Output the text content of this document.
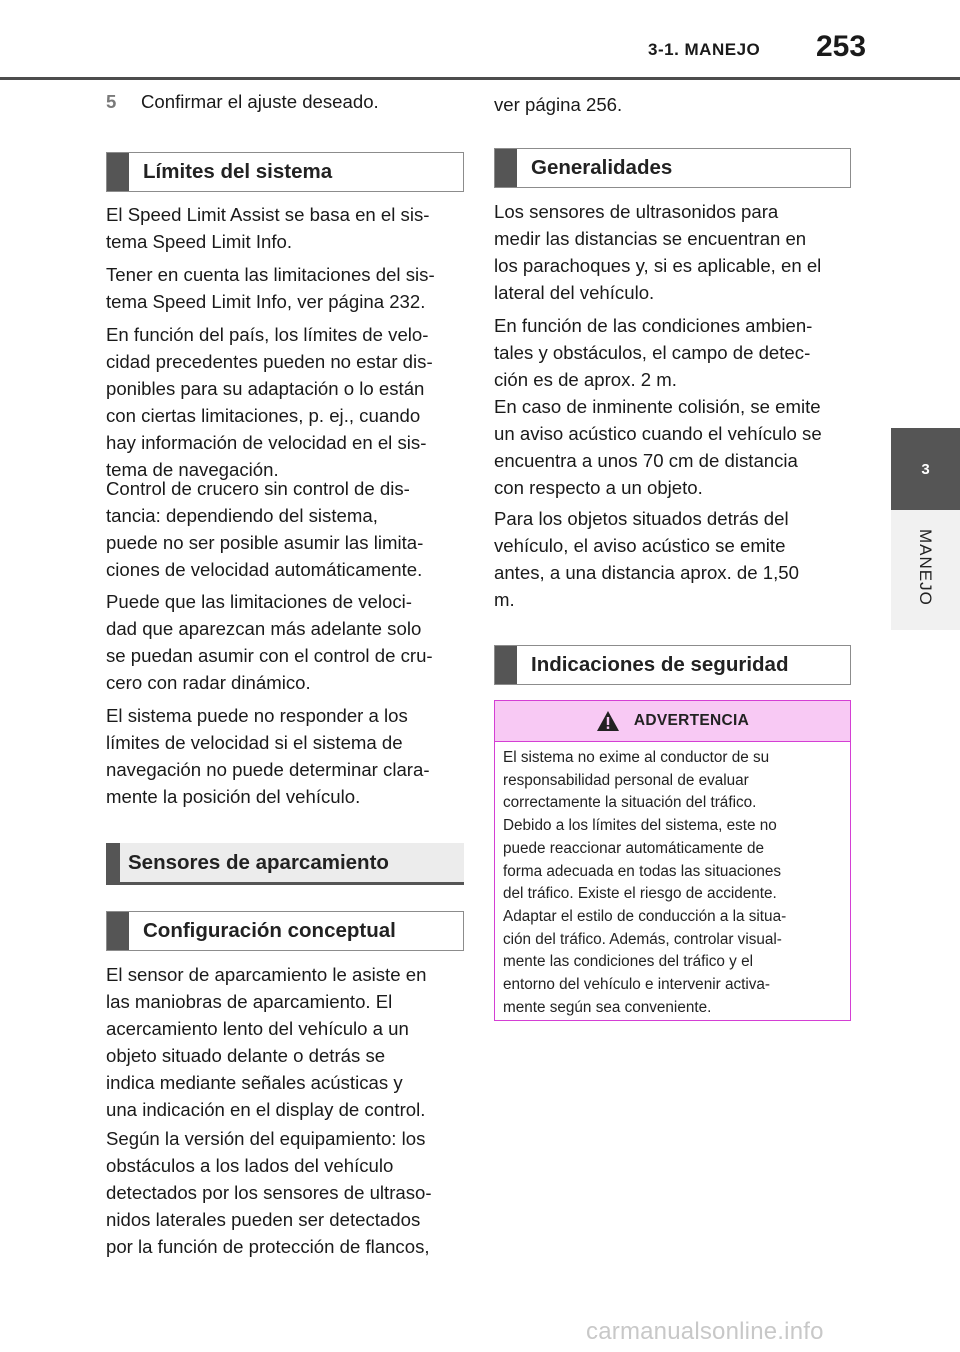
3-1. MANEJO 253
3
MANEJO
5 Confirmar el ajuste deseado.
Límites del sistema
El Speed Limit Assist se basa en el sis-
tema Speed Limit Info.
Tener en cuenta las limitaciones del sis-
tema Speed Limit Info, ver página 232.
En función del país, los límites de velo-
cidad precedentes pueden no estar dis-
ponibles para su adaptación o lo están
con ciertas limitaciones, p. ej., cuando
hay información de velocidad en el sis-
tema de navegación.
Control de crucero sin control de dis-
tancia: dependiendo del sistema,
puede no ser posible asumir las limita-
ciones de velocidad automáticamente.
Puede que las limitaciones de veloci-
dad que aparezcan más adelante solo
se puedan asumir con el control de cru-
cero con radar dinámico.
El sistema puede no responder a los
límites de velocidad si el sistema de
navegación no puede determinar clara-
mente la posición del vehículo.
Sensores de aparcamiento
Configuración conceptual
El sensor de aparcamiento le asiste en
las maniobras de aparcamiento. El
acercamiento lento del vehículo a un
objeto situado delante o detrás se
indica mediante señales acústicas y
una indicación en el display de control.
Según la versión del equipamiento: los
obstáculos a los lados del vehículo
detectados por los sensores de ultraso-
nidos laterales pueden ser detectados
por la función de protección de flancos,
ver página 256.
Generalidades
Los sensores de ultrasonidos para
medir las distancias se encuentran en
los parachoques y, si es aplicable, en el
lateral del vehículo.
En función de las condiciones ambien-
tales y obstáculos, el campo de detec-
ción es de aprox. 2 m.
En caso de inminente colisión, se emite
un aviso acústico cuando el vehículo se
encuentra a unos 70 cm de distancia
con respecto a un objeto.
Para los objetos situados detrás del
vehículo, el aviso acústico se emite
antes, a una distancia aprox. de 1,50
m.
Indicaciones de seguridad
ADVERTENCIA
El sistema no exime al conductor de su
responsabilidad personal de evaluar
correctamente la situación del tráfico.
Debido a los límites del sistema, este no
puede reaccionar automáticamente de
forma adecuada en todas las situaciones
del tráfico. Existe el riesgo de accidente.
Adaptar el estilo de conducción a la situa-
ción del tráfico. Además, controlar visual-
mente las condiciones del tráfico y el
entorno del vehículo e intervenir activa-
mente según sea conveniente.
carmanualsonline.info
